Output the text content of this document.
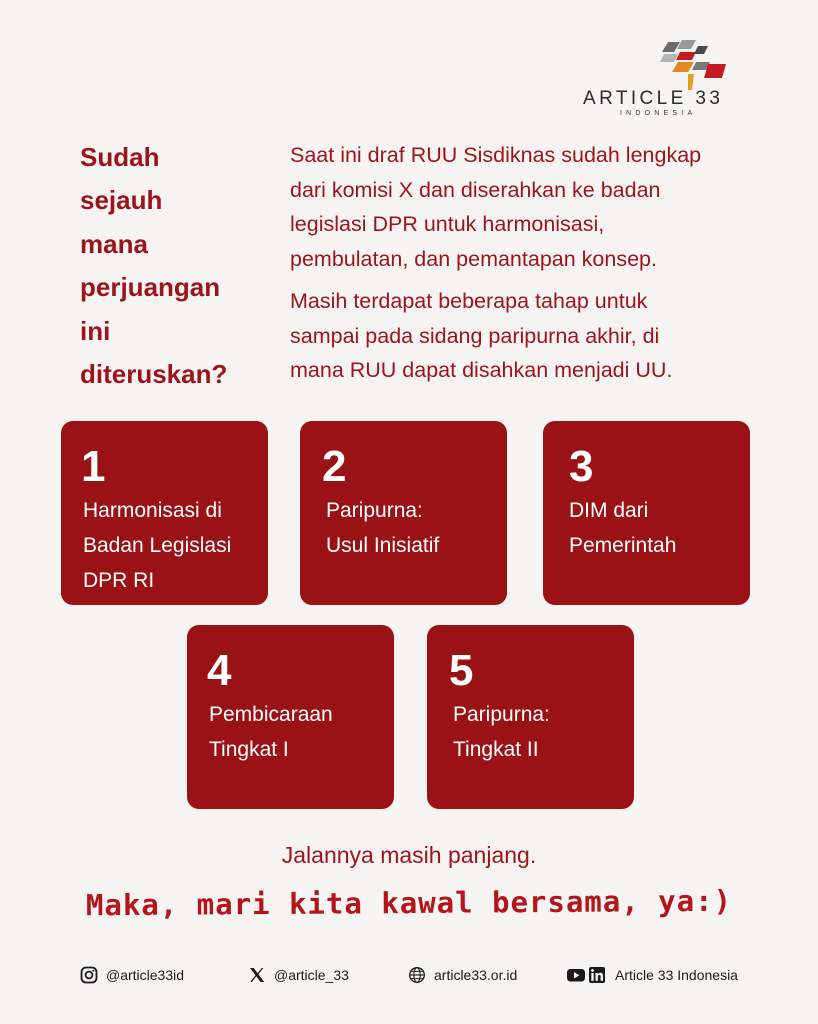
ARTICLE 33
INDONESIA
Sudah
sejauh
mana
perjuangan
ini
diteruskan?
Saat ini draf RUU Sisdiknas sudah lengkap
dari komisi X dan diserahkan ke badan
legislasi DPR untuk harmonisasi,
pembulatan, dan pemantapan konsep.
Masih terdapat beberapa tahap untuk
sampai pada sidang paripurna akhir, di
mana RUU dapat disahkan menjadi UU.
1
Harmonisasi di
Badan Legislasi
DPR RI
2
Paripurna:
Usul Inisiatif
3
DIM dari
Pemerintah
4
Pembicaraan
Tingkat I
5
Paripurna:
Tingkat II
Jalannya masih panjang.
Maka, mari kita kawal bersama, ya:)
@article33id	@article_33	article33.or.id	Article 33 Indonesia
